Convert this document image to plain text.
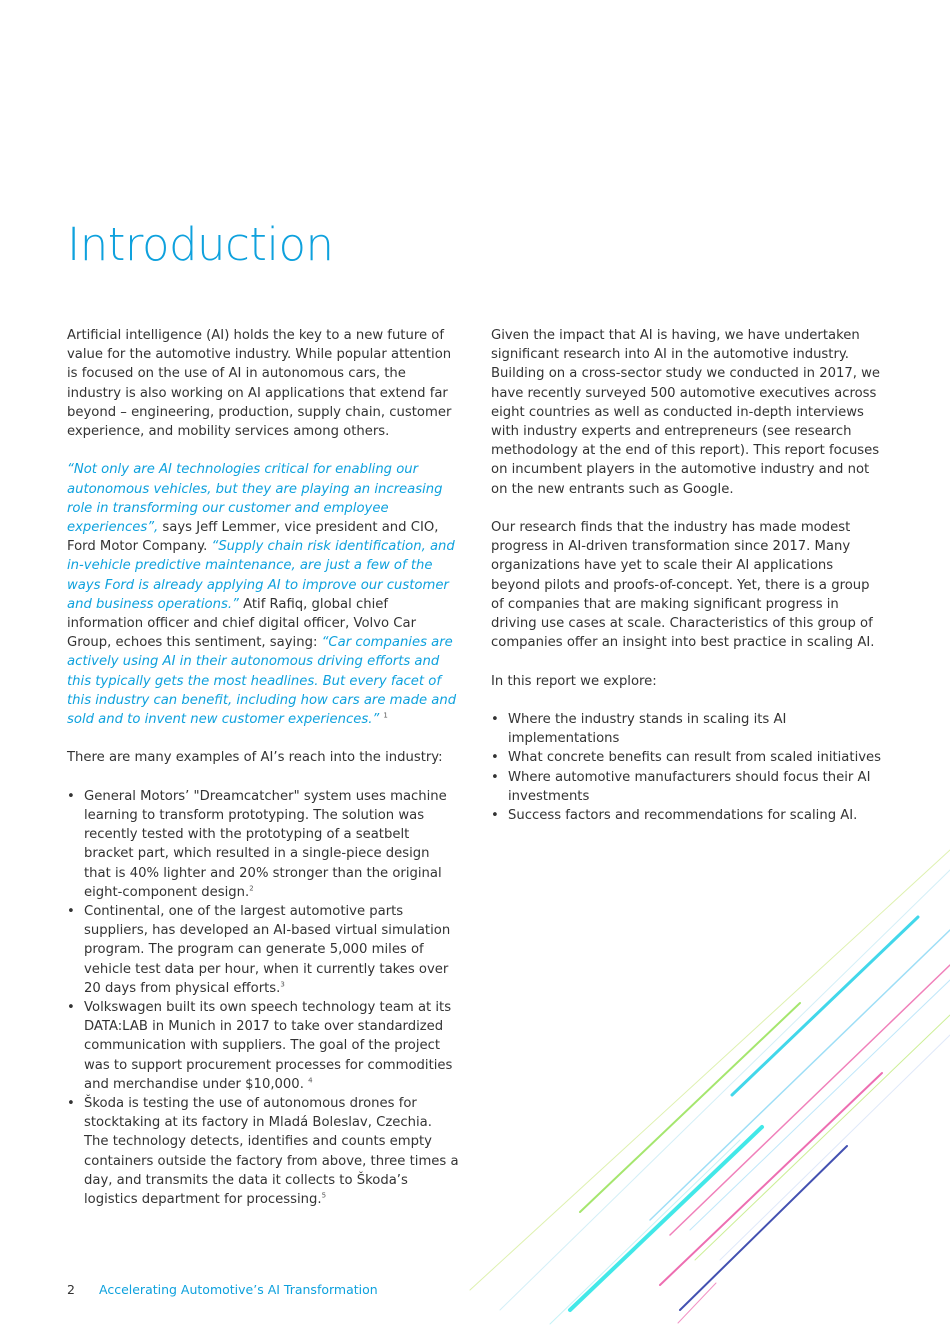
Introduction

Artificial intelligence (AI) holds the key to a new future of value for the automotive industry. While popular attention is focused on the use of AI in autonomous cars, the industry is also working on AI applications that extend far beyond – engineering, production, supply chain, customer experience, and mobility services among others.

“Not only are AI technologies critical for enabling our autonomous vehicles, but they are playing an increasing role in transforming our customer and employee experiences”, says Jeff Lemmer, vice president and CIO, Ford Motor Company. “Supply chain risk identification, and in-vehicle predictive maintenance, are just a few of the ways Ford is already applying AI to improve our customer and business operations.” Atif Rafiq, global chief information officer and chief digital officer, Volvo Car Group, echoes this sentiment, saying: “Car companies are actively using AI in their autonomous driving efforts and this typically gets the most headlines. But every facet of this industry can benefit, including how cars are made and sold and to invent new customer experiences.” $^1$

There are many examples of AI’s reach into the industry:

• General Motors’ "Dreamcatcher" system uses machine learning to transform prototyping. The solution was recently tested with the prototyping of a seatbelt bracket part, which resulted in a single-piece design that is 40% lighter and 20% stronger than the original eight-component design.$^2$
• Continental, one of the largest automotive parts suppliers, has developed an AI-based virtual simulation program. The program can generate 5,000 miles of vehicle test data per hour, when it currently takes over 20 days from physical efforts.$^3$
• Volkswagen built its own speech technology team at its DATA:LAB in Munich in 2017 to take over standardized communication with suppliers. The goal of the project was to support procurement processes for commodities and merchandise under $10,000. $^4$
• Škoda is testing the use of autonomous drones for stocktaking at its factory in Mladá Boleslav, Czechia. The technology detects, identifies and counts empty containers outside the factory from above, three times a day, and transmits the data it collects to Škoda’s logistics department for processing.$^5$

Given the impact that AI is having, we have undertaken significant research into AI in the automotive industry. Building on a cross-sector study we conducted in 2017, we have recently surveyed 500 automotive executives across eight countries as well as conducted in-depth interviews with industry experts and entrepreneurs (see research methodology at the end of this report). This report focuses on incumbent players in the automotive industry and not on the new entrants such as Google.

Our research finds that the industry has made modest progress in AI-driven transformation since 2017. Many organizations have yet to scale their AI applications beyond pilots and proofs-of-concept. Yet, there is a group of companies that are making significant progress in driving use cases at scale. Characteristics of this group of companies offer an insight into best practice in scaling AI.

In this report we explore:

• Where the industry stands in scaling its AI implementations
• What concrete benefits can result from scaled initiatives
• Where automotive manufacturers should focus their AI investments
• Success factors and recommendations for scaling AI.
2 Accelerating Automotive’s AI Transformation
